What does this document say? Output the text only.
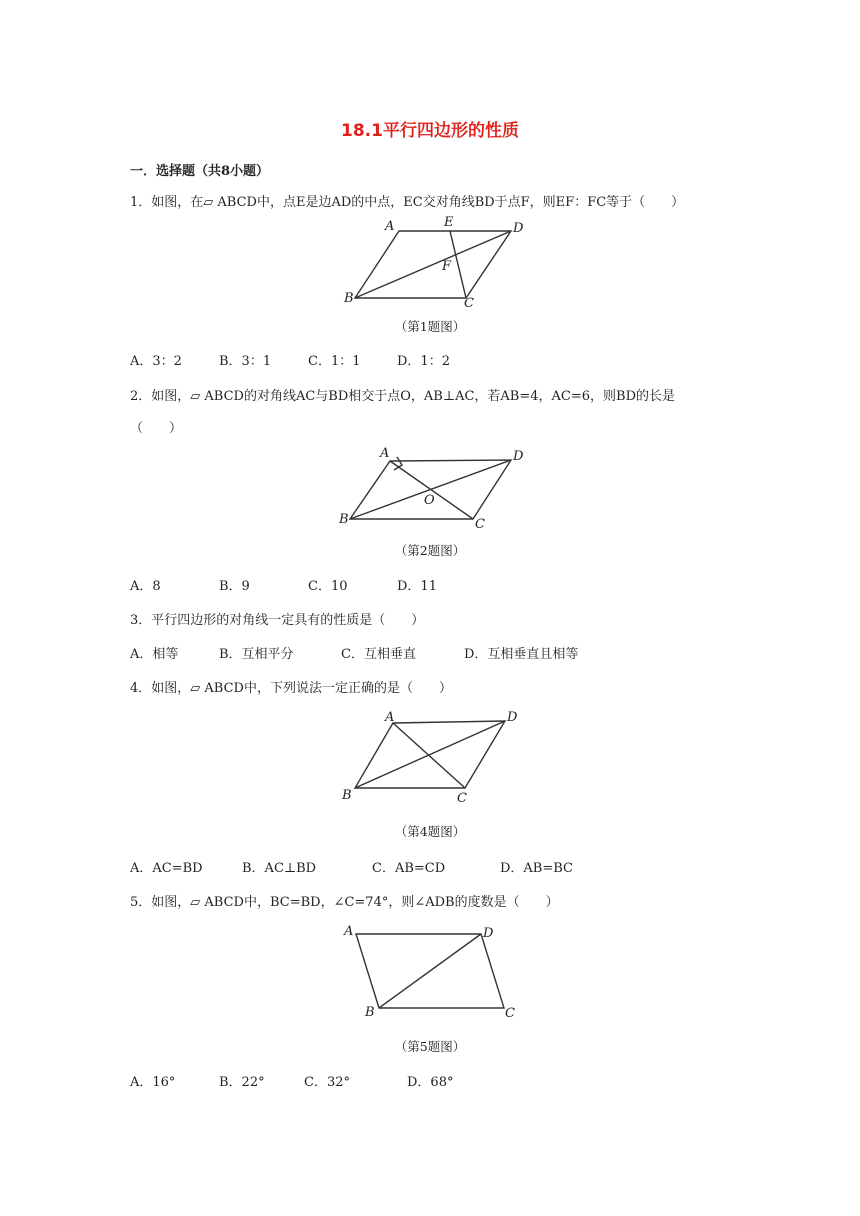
18.1平行四边形的性质
一．选择题（共8小题）
1．如图，在▱ ABCD中，点E是边AD的中点，EC交对角线BD于点F，则EF：FC等于（　　）
A	E	D
F
B	C
（第1题图）
A．3：2	B．3：1	C．1：1	D．1：2
2．如图，▱ ABCD的对角线AC与BD相交于点O，AB⊥AC，若AB=4，AC=6，则BD的长是
（　　）
A	D
O
B	C
（第2题图）
A．8	B．9	C．10	D．11
3．平行四边形的对角线一定具有的性质是（　　）
A．相等	B．互相平分	C．互相垂直	D．互相垂直且相等
4．如图，▱ ABCD中，下列说法一定正确的是（　　）
A	D
B	C
（第4题图）
A．AC=BD	B．AC⊥BD	C．AB=CD	D．AB=BC
5．如图，▱ ABCD中，BC=BD，∠C=74°，则∠ADB的度数是（　　）
A	D
B	C
（第5题图）
A．16°	B．22°	C．32°	D．68°
